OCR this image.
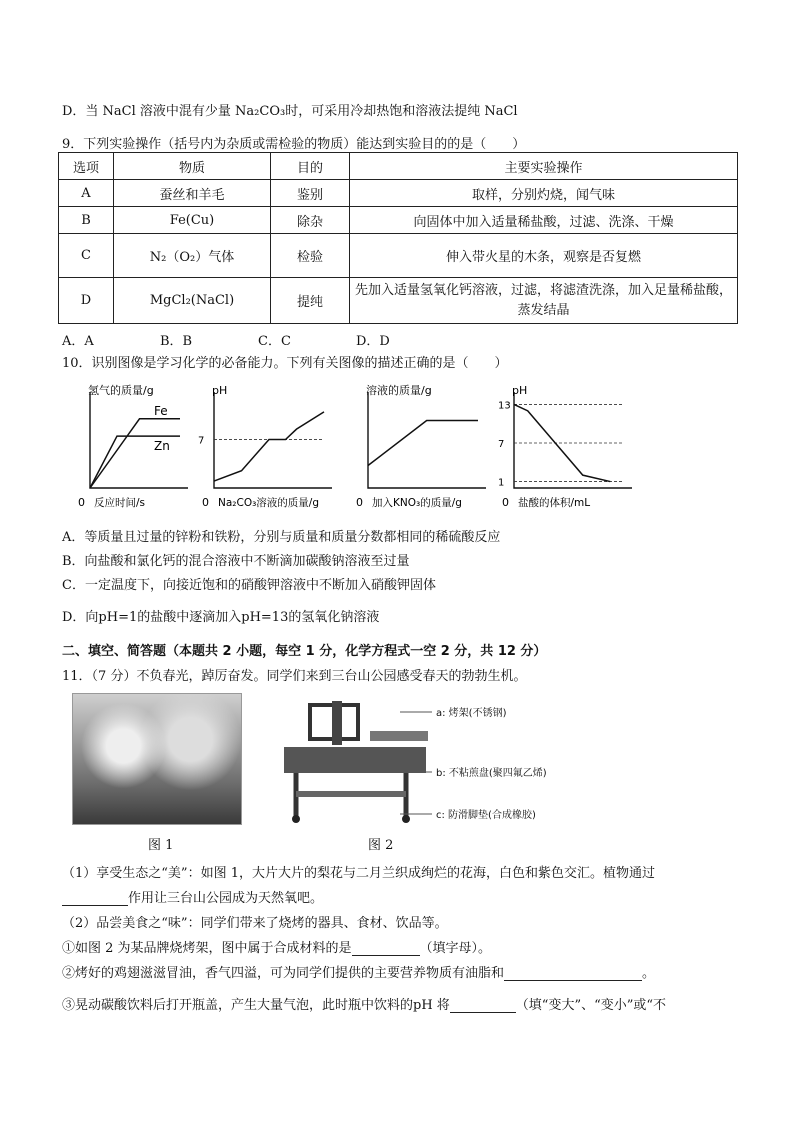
D．当 NaCl 溶液中混有少量 Na₂CO₃时，可采用冷却热饱和溶液法提纯 NaCl
9．下列实验操作（括号内为杂质或需检验的物质）能达到实验目的的是（　　）
选项	物质	目的	主要实验操作
A	蚕丝和羊毛	鉴别	取样，分别灼烧，闻气味
B	Fe(Cu)	除杂	向固体中加入适量稀盐酸，过滤、洗涤、干燥
C	N₂（O₂）气体	检验	伸入带火星的木条，观察是否复燃
D	MgCl₂(NaCl)	提纯	先加入适量氢氧化钙溶液，过滤，将滤渣洗涤，加入足量稀盐酸，蒸发结晶
A．A	B．B	C．C	D．D
10．识别图像是学习化学的必备能力。下列有关图像的描述正确的是（　　）
氢气的质量/g
反应时间/s
0
Fe
Zn
pH
Na₂CO₃溶液的质量/g
0
7
溶液的质量/g
加入KNO₃的质量/g
0
pH
盐酸的体积/mL
0
13
7
1
A．等质量且过量的锌粉和铁粉，分别与质量和质量分数都相同的稀硫酸反应
B．向盐酸和氯化钙的混合溶液中不断滴加碳酸钠溶液至过量
C．一定温度下，向接近饱和的硝酸钾溶液中不断加入硝酸钾固体
D．向pH=1的盐酸中逐滴加入pH=13的氢氧化钠溶液
二、填空、简答题（本题共 2 小题，每空 1 分，化学方程式一空 2 分，共 12 分）
11．（7 分）不负春光，踔厉奋发。同学们来到三台山公园感受春天的勃勃生机。
a: 烤架(不锈钢)
b: 不粘煎盘(聚四氟乙烯)
c: 防滑脚垫(合成橡胶)
图 1	图 2
（1）享受生态之“美”：如图 1，大片大片的梨花与二月兰织成绚烂的花海，白色和紫色交汇。植物通过
作用让三台山公园成为天然氧吧。
（2）品尝美食之“味”：同学们带来了烧烤的器具、食材、饮品等。
①如图 2 为某品牌烧烤架，图中属于合成材料的是	（填字母）。
②烤好的鸡翅滋滋冒油，香气四溢，可为同学们提供的主要营养物质有油脂和	。
③晃动碳酸饮料后打开瓶盖，产生大量气泡，此时瓶中饮料的pH 将	（填“变大”、“变小”或“不
